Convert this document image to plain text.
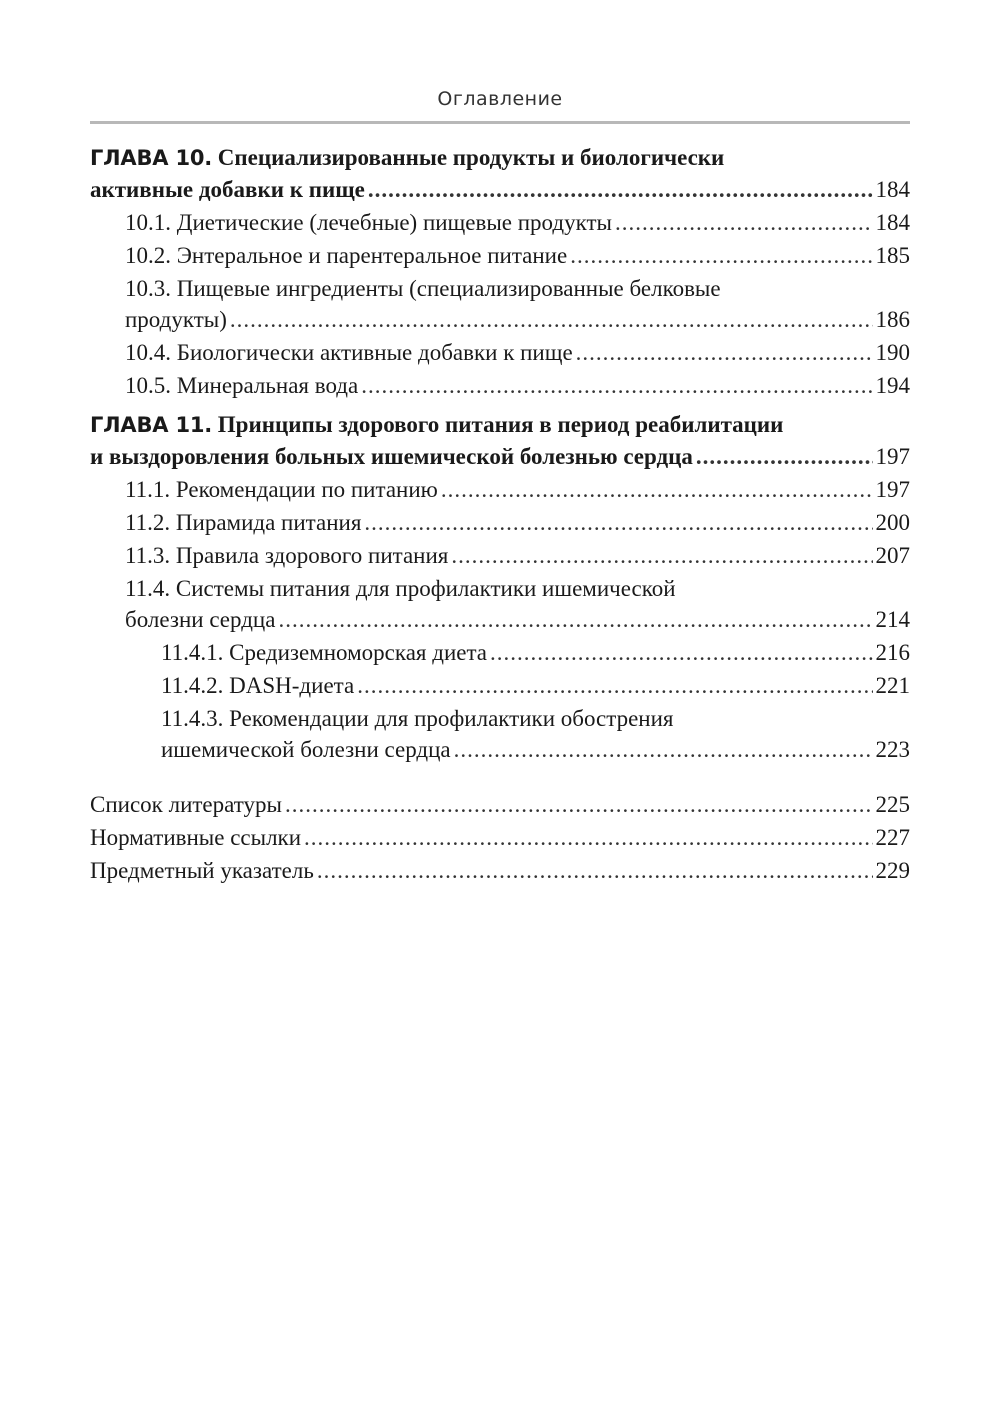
Оглавление
ГЛАВА 10. Специализированные продукты и биологически
активные добавки к пище .....	184
10.1. Диетические (лечебные) пищевые продукты .....	184
10.2. Энтеральное и парентеральное питание .....	185
10.3. Пищевые ингредиенты (специализированные белковые
продукты) .....	186
10.4. Биологически активные добавки к пище .....	190
10.5. Минеральная вода .....	194
ГЛАВА 11. Принципы здорового питания в период реабилитации
и выздоровления больных ишемической болезнью сердца .....	197
11.1. Рекомендации по питанию .....	197
11.2. Пирамида питания .....	200
11.3. Правила здорового питания .....	207
11.4. Системы питания для профилактики ишемической
болезни сердца .....	214
11.4.1. Средиземноморская диета .....	216
11.4.2. DASH-диета .....	221
11.4.3. Рекомендации для профилактики обострения
ишемической болезни сердца .....	223
Список литературы .....	225
Нормативные ссылки .....	227
Предметный указатель .....	229
